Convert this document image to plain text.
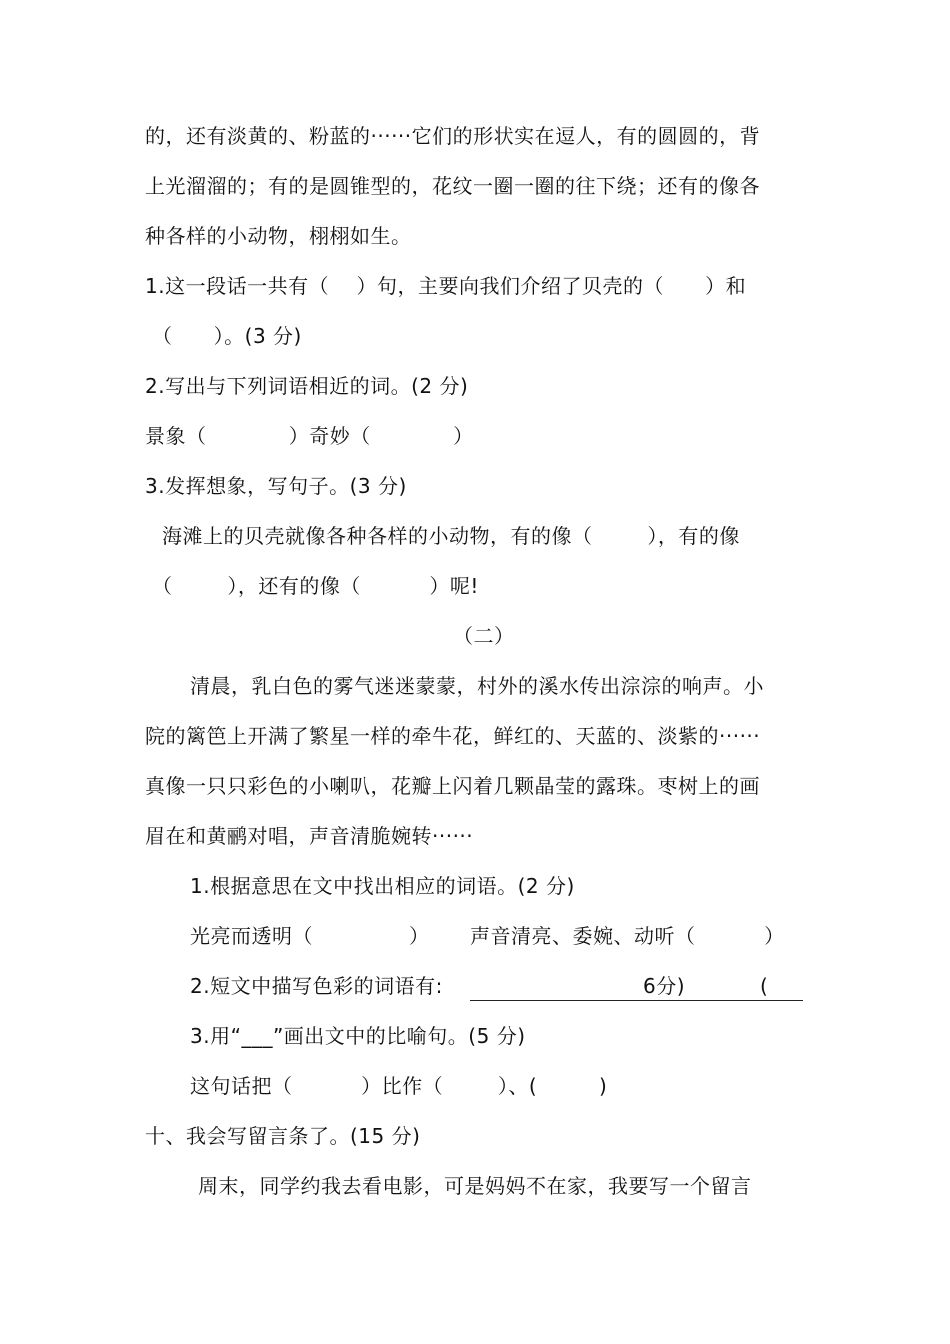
的，还有淡黄的、粉蓝的······它们的形状实在逗人，有的圆圆的，背
上光溜溜的；有的是圆锥型的，花纹一圈一圈的往下绕；还有的像各
种各样的小动物，栩栩如生。
1.这一段话一共有（    ）句，主要向我们介绍了贝壳的（      ）和
（      ）。(3 分)
2.写出与下列词语相近的词。(2 分)
景象（            ）奇妙（            ）
3.发挥想象，写句子。(3 分)
海滩上的贝壳就像各种各样的小动物，有的像（        ），有的像
（        ），还有的像（          ）呢!
（二）
清晨，乳白色的雾气迷迷蒙蒙，村外的溪水传出淙淙的响声。小
院的篱笆上开满了繁星一样的牵牛花，鲜红的、天蓝的、淡紫的······
真像一只只彩色的小喇叭，花瓣上闪着几颗晶莹的露珠。枣树上的画
眉在和黄鹂对唱，声音清脆婉转······
1.根据意思在文中找出相应的词语。(2 分)
光亮而透明（              ） 声音清亮、委婉、动听（          ）
2.短文中描写色彩的词语有:	6分)	(
3.用“___”画出文中的比喻句。(5 分)
这句话把（          ）比作（        ）、(         )
十、我会写留言条了。(15 分)
周末，同学约我去看电影，可是妈妈不在家，我要写一个留言
